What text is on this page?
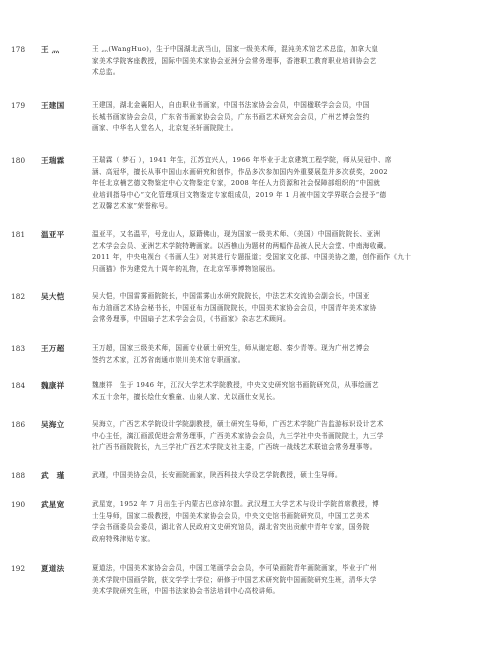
178	王 灬	王 灬(WangHuo)，生于中国湖北武当山，国家一级美术师，混沌美术馆艺术总监，加拿大皇
家美术学院客座教授，国际中国美术家协会亚洲分会常务理事，香港职工教育职业培训协会艺
术总监。
179	王建国	王建国，湖北金襄阳人，自由职业书画家，中国书法家协会会员，中国楹联学会会员，中国
长城书画家协会会员，广东省书画家协会会员，广东书画艺术研究会会员，广州艺博会签约
画家、中华名人堂名人，北京复圣轩画院院士。
180	王瑞霖	王瑞霖（ 梦石 ），1941 年生，江苏宜兴人，1966 年毕业于北京建筑工程学院，师从吴冠中、席
涵、高冠华，擅长从事中国山水画研究和创作，作品多次参加国内外重要展览并多次获奖，2002
年任北京楠艺德文物鉴定中心文物鉴定专家，2008 年任人力资源和社会保障部组织的“中国就
业培训指导中心”文化管理项目文物鉴定专家组成员，2019 年 1 月被中国文学界联合会授予“德
艺双馨艺术家”荣誉称号。
181	温亚平	温亚平，又名温平，号龙山人，原籍佛山，现为国家一级美术师、（美国）中国画院院长、亚洲
艺术学会会员、亚洲艺术学院特聘画家。以西樵山为题材的两幅作品被人民大会堂、中南海收藏。
2011 年，中央电视台《书画人生》对其进行专题报道；受国家文化部、中国美协之邀，创作画作《九十
只画猫》作为建党九十周年的礼物，在北京军事博物馆展出。
182	吴大恺	吴大恺，中国雷雾画院院长，中国雷雾山水研究院院长，中法艺术交流协会副会长，中国亚
布力油画艺术协会秘书长，中国亚布力国画院院长，中国美术家协会会员，中国青年美术家协
会常务理事，中国扇子艺术学会会员，《书画家》杂志艺术顾问。
183	王万超	王万超，国家三级美术师，国画专业硕士研究生，师从谢定超、秦少青等。现为广州艺博会
签约艺术家，江苏省南通市崇川美术馆专职画家。
184	魏康祥	魏康祥　生于 1946 年，江汉大学艺术学院教授，中央文史研究馆书画院研究员，从事绘画艺
术五十余年，擅长绘仕女雅童、山泉人家、尤以画仕女见长。
186	吴海立	吴海立，广西艺术学院设计学院副教授，硕士研究生导师，广西艺术学院广告监游标识设计艺术
中心主任，漓江画派促进会常务理事，广西美术家协会会员，九三学社中央书画院院士，九三学
社广西书画院院长，九三学社广西艺术学院支社主委，广西统一战线艺术联谊会常务理事等。
188	武　瑾	武瑾，中国美协会员，长安画院画家，陕西科技大学设艺学院教授，硕士生导师。
190	武星宽	武星宽，1952 年 7 月出生于内蒙古巴彦淖尔盟。武汉理工大学艺术与设计学院首席教授，博
士生导师，国家二级教授，中国美术家协会会员，中央文史馆书画院研究员，中国工艺美术
学会书画委员会委员，湖北省人民政府文史研究馆员，湖北省突出贡献中青年专家，国务院
政府特殊津贴专家。
192	夏道法	夏道法，中国美术家协会会员，中国工笔画学会会员，李可染画院青年画院画家，毕业于广州
美术学院中国画学院，获文学学士学位；研修于中国艺术研究院中国画院研究生班，清华大学
美术学院研究生班，中国书法家协会书法培训中心高校讲师。
